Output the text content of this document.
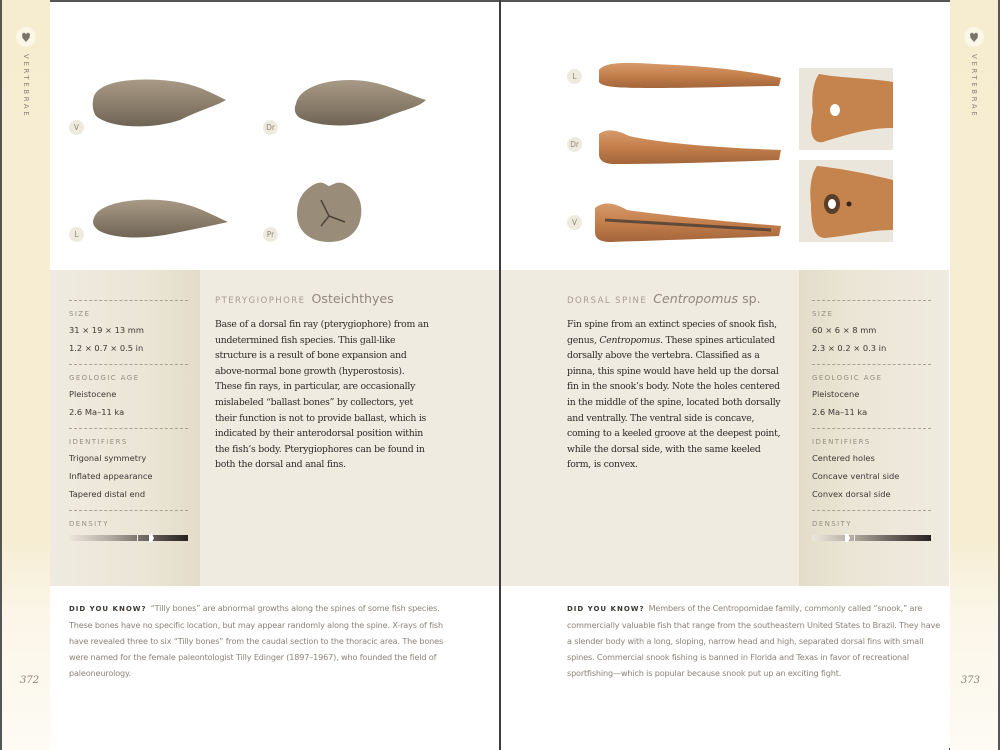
VERTEBRAE
372
V	Dr
L	Pr
SIZE
31 × 19 × 13 mm
1.2 × 0.7 × 0.5 in
GEOLOGIC AGE
Pleistocene
2.6 Ma–11 ka
IDENTIFIERS
Trigonal symmetry
Inflated appearance
Tapered distal end
DENSITY
PTERYGIOPHORE Osteichthyes
Base of a dorsal fin ray (pterygiophore) from an undetermined fish species. This gall-like structure is a result of bone expansion and above-normal bone growth (hyperostosis). These fin rays, in particular, are occasionally mislabeled “ballast bones” by collectors, yet their function is not to provide ballast, which is indicated by their anterodorsal position within the fish’s body. Pterygiophores can be found in both the dorsal and anal fins.
DID YOU KNOW? “Tilly bones” are abnormal growths along the spines of some fish species. These bones have no specific location, but may appear randomly along the spine. X-rays of fish have revealed three to six “Tilly bones” from the caudal section to the thoracic area. The bones were named for the female paleontologist Tilly Edinger (1897–1967), who founded the field of paleoneurology.
VERTEBRAE
373
L
Dr
V
DORSAL SPINE Centropomus sp.
Fin spine from an extinct species of snook fish, genus, Centropomus. These spines articulated dorsally above the vertebra. Classified as a pinna, this spine would have held up the dorsal fin in the snook’s body. Note the holes centered in the middle of the spine, located both dorsally and ventrally. The ventral side is concave, coming to a keeled groove at the deepest point, while the dorsal side, with the same keeled form, is convex.
SIZE
60 × 6 × 8 mm
2.3 × 0.2 × 0.3 in
GEOLOGIC AGE
Pleistocene
2.6 Ma–11 ka
IDENTIFIERS
Centered holes
Concave ventral side
Convex dorsal side
DENSITY
DID YOU KNOW? Members of the Centropomidae family, commonly called “snook,” are commercially valuable fish that range from the southeastern United States to Brazil. They have a slender body with a long, sloping, narrow head and high, separated dorsal fins with small spines. Commercial snook fishing is banned in Florida and Texas in favor of recreational sportfishing—which is popular because snook put up an exciting fight.
